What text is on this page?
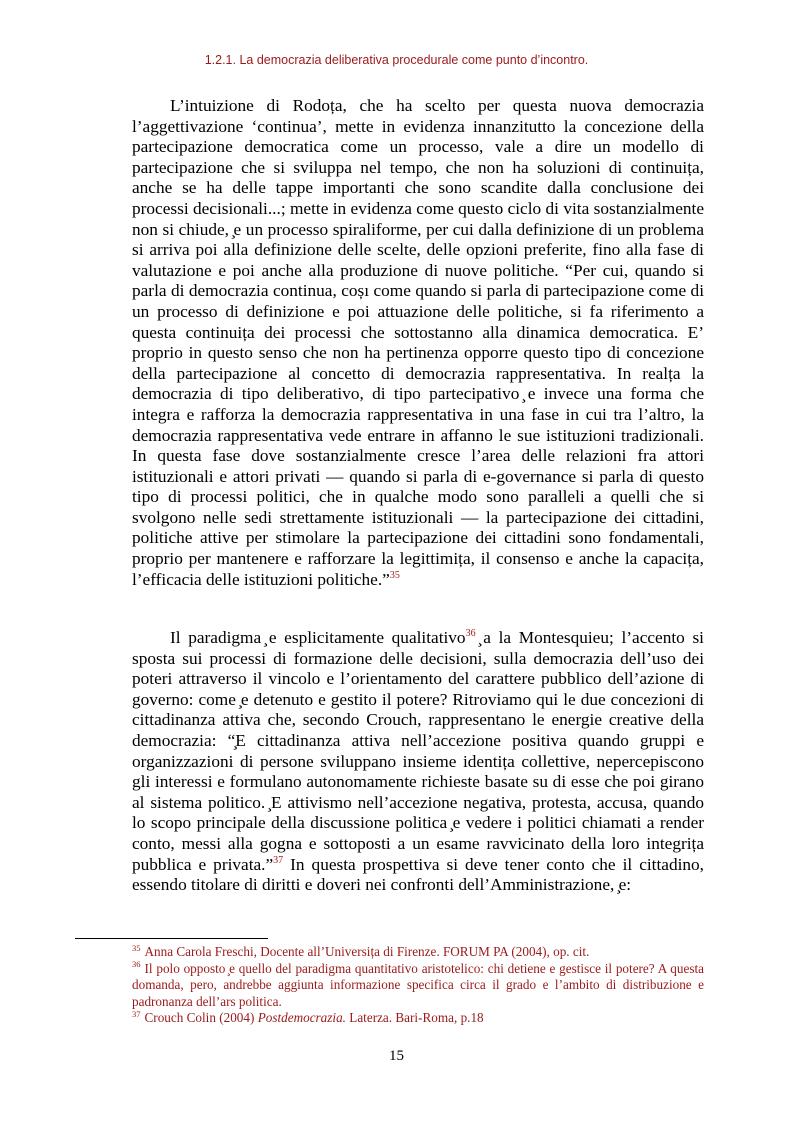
1.2.1. La democrazia deliberativa procedurale come punto d’incontro.

L’intuizione di Rodoța, che ha scelto per questa nuova democrazia l’aggettivazione ‘continua’, mette in evidenza innanzitutto la concezione della partecipazione democratica come un processo, vale a dire un modello di partecipazione che si sviluppa nel tempo, che non ha soluzioni di continuița, anche se ha delle tappe importanti che sono scandite dalla conclusione dei processi decisionali...; mette in evidenza come questo ciclo di vita sostanzialmente non si chiude, ̧e un processo spiraliforme, per cui dalla definizione di un problema si arriva poi alla definizione delle scelte, delle opzioni preferite, fino alla fase di valutazione e poi anche alla produzione di nuove politiche. “Per cui, quando si parla di democrazia continua, coșı come quando si parla di partecipazione come di un processo di definizione e poi attuazione delle politiche, si fa riferimento a questa continuița dei processi che sottostanno alla dinamica democratica. E’ proprio in questo senso che non ha pertinenza opporre questo tipo di concezione della partecipazione al concetto di democrazia rappresentativa. In realța la democrazia di tipo deliberativo, di tipo partecipativo ̧e invece una forma che integra e rafforza la democrazia rappresentativa in una fase in cui tra l’altro, la democrazia rappresentativa vede entrare in affanno le sue istituzioni tradizionali. In questa fase dove sostanzialmente cresce l’area delle relazioni fra attori istituzionali e attori privati — quando si parla di e-governance si parla di questo tipo di processi politici, che in qualche modo sono paralleli a quelli che si svolgono nelle sedi strettamente istituzionali — la partecipazione dei cittadini, politiche attive per stimolare la partecipazione dei cittadini sono fondamentali, proprio per mantenere e rafforzare la legittimița, il consenso e anche la capacița, l’efficacia delle istituzioni politiche.”$^{35}$

Il paradigma ̧e esplicitamente qualitativo$^{36}$ ̧a la Montesquieu; l’accento si sposta sui processi di formazione delle decisioni, sulla democrazia dell’uso dei poteri attraverso il vincolo e l’orientamento del carattere pubblico dell’azione di governo: come ̧e detenuto e gestito il potere? Ritroviamo qui le due concezioni di cittadinanza attiva che, secondo Crouch, rappresentano le energie creative della democrazia: “̧E cittadinanza attiva nell’accezione positiva quando gruppi e organizzazioni di persone sviluppano insieme identița collettive, nepercepiscono gli interessi e formulano autonomamente richieste basate su di esse che poi girano al sistema politico. ̧E attivismo nell’accezione negativa, protesta, accusa, quando lo scopo principale della discussione politica ̧e vedere i politici chiamati a render conto, messi alla gogna e sottoposti a un esame ravvicinato della loro integrița pubblica e privata.”$^{37}$ In questa prospettiva si deve tener conto che il cittadino, essendo titolare di diritti e doveri nei confronti dell’Amministrazione, ̧e:

$^{35}$ Anna Carola Freschi, Docente all’Universița di Firenze. FORUM PA (2004), op. cit.

$^{36}$ Il polo opposto ̧e quello del paradigma quantitativo aristotelico: chi detiene e gestisce il potere? A questa domanda, pero, andrebbe aggiunta informazione specifica circa il grado e l’ambito di distribuzione e padronanza dell’ars politica.

$^{37}$ Crouch Colin (2004) Postdemocrazia. Laterza. Bari-Roma, p.18

15
